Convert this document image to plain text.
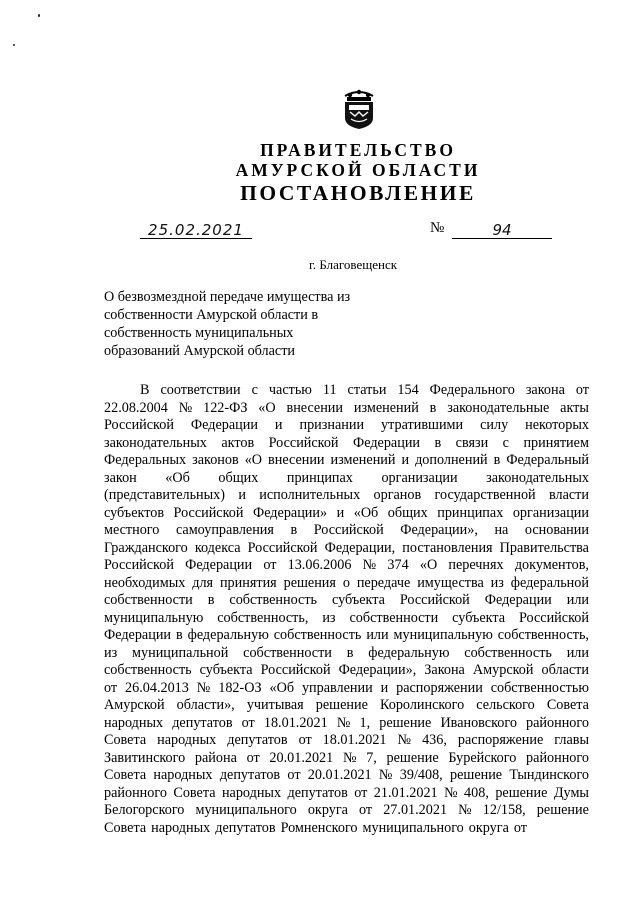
ПРАВИТЕЛЬСТВО
АМУРСКОЙ ОБЛАСТИ
ПОСТАНОВЛЕНИЕ
25.02.2021	№	94
г. Благовещенск
О безвозмездной передаче имущества из
собственности Амурской области в
собственность муниципальных
образований Амурской области
В соответствии с частью 11 статьи 154 Федерального закона от
22.08.2004 № 122-ФЗ «О внесении изменений в законодательные акты
Российской Федерации и признании утратившими силу некоторых
законодательных актов Российской Федерации в связи с принятием
Федеральных законов «О внесении изменений и дополнений в Федеральный
закон «Об общих принципах организации законодательных
(представительных) и исполнительных органов государственной власти
субъектов Российской Федерации» и «Об общих принципах организации
местного самоуправления в Российской Федерации», на основании
Гражданского кодекса Российской Федерации, постановления Правительства
Российской Федерации от 13.06.2006 № 374 «О перечнях документов,
необходимых для принятия решения о передаче имущества из федеральной
собственности в собственность субъекта Российской Федерации или
муниципальную собственность, из собственности субъекта Российской
Федерации в федеральную собственность или муниципальную собственность,
из муниципальной собственности в федеральную собственность или
собственность субъекта Российской Федерации», Закона Амурской области
от 26.04.2013 № 182-ОЗ «Об управлении и распоряжении собственностью
Амурской области», учитывая решение Королинского сельского Совета
народных депутатов от 18.01.2021 № 1, решение Ивановского районного
Совета народных депутатов от 18.01.2021 № 436, распоряжение главы
Завитинского района от 20.01.2021 № 7, решение Бурейского районного
Совета народных депутатов от 20.01.2021 № 39/408, решение Тындинского
районного Совета народных депутатов от 21.01.2021 № 408, решение Думы
Белогорского муниципального округа от 27.01.2021 № 12/158, решение
Совета народных депутатов Ромненского муниципального округа от
